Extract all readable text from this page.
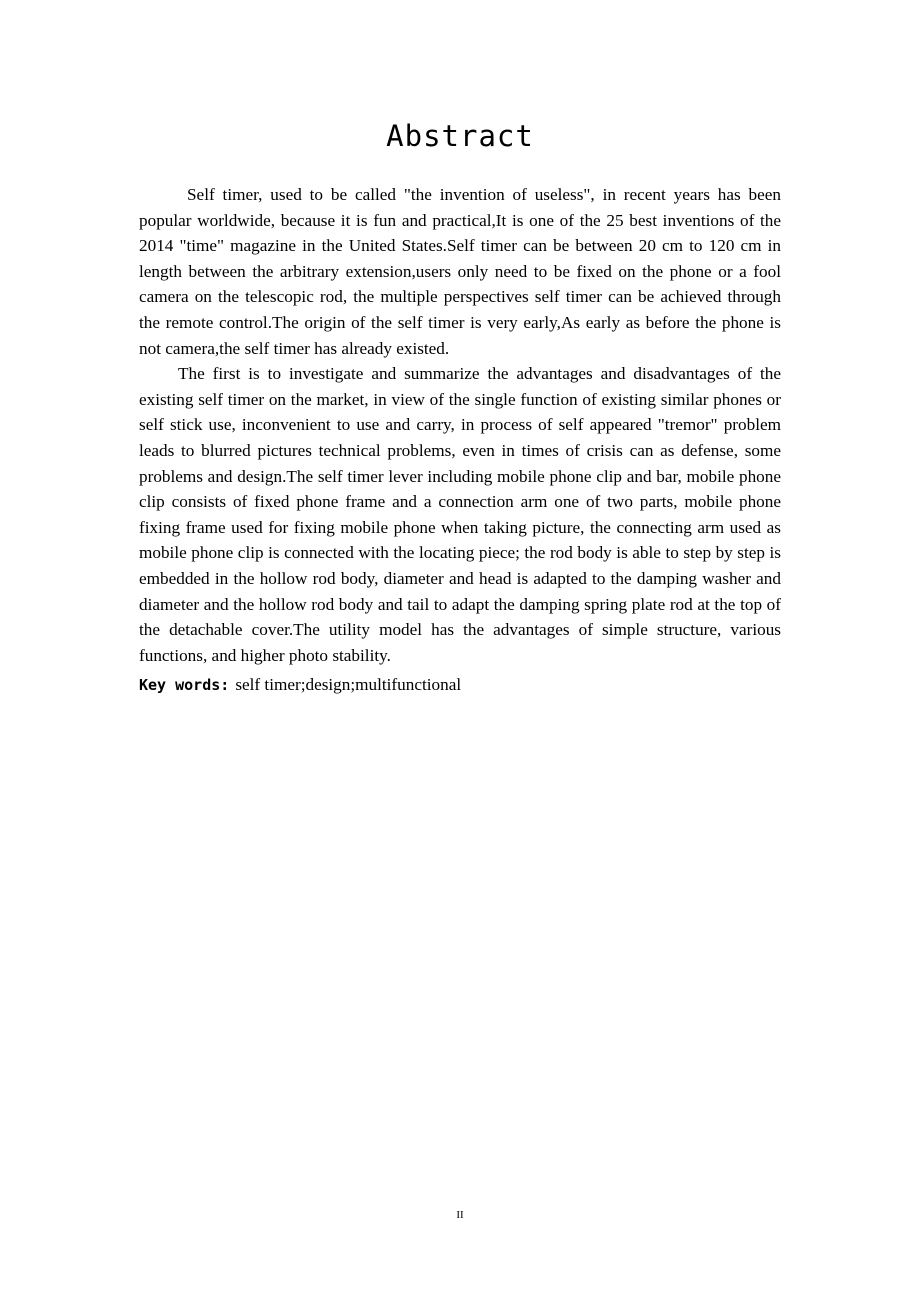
Abstract

Self timer, used to be called "the invention of useless", in recent years has been popular worldwide, because it is fun and practical,It is one of the 25 best inventions of the 2014 "time" magazine in the United States.Self timer can be between 20 cm to 120 cm in length between the arbitrary extension,users only need to be fixed on the phone or a fool camera on the telescopic rod, the multiple perspectives self timer can be achieved through the remote control.The origin of the self timer is very early,As early as before the phone is not camera,the self timer has already existed.

The first is to investigate and summarize the advantages and disadvantages of the existing self timer on the market, in view of the single function of existing similar phones or self stick use, inconvenient to use and carry, in process of self appeared "tremor" problem leads to blurred pictures technical problems, even in times of crisis can as defense, some problems and design.The self timer lever including mobile phone clip and bar, mobile phone clip consists of fixed phone frame and a connection arm one of two parts, mobile phone fixing frame used for fixing mobile phone when taking picture, the connecting arm used as mobile phone clip is connected with the locating piece; the rod body is able to step by step is embedded in the hollow rod body, diameter and head is adapted to the damping washer and diameter and the hollow rod body and tail to adapt the damping spring plate rod at the top of the detachable cover.The utility model has the advantages of simple structure, various functions, and higher photo stability.

Key words: self timer;design;multifunctional

II
